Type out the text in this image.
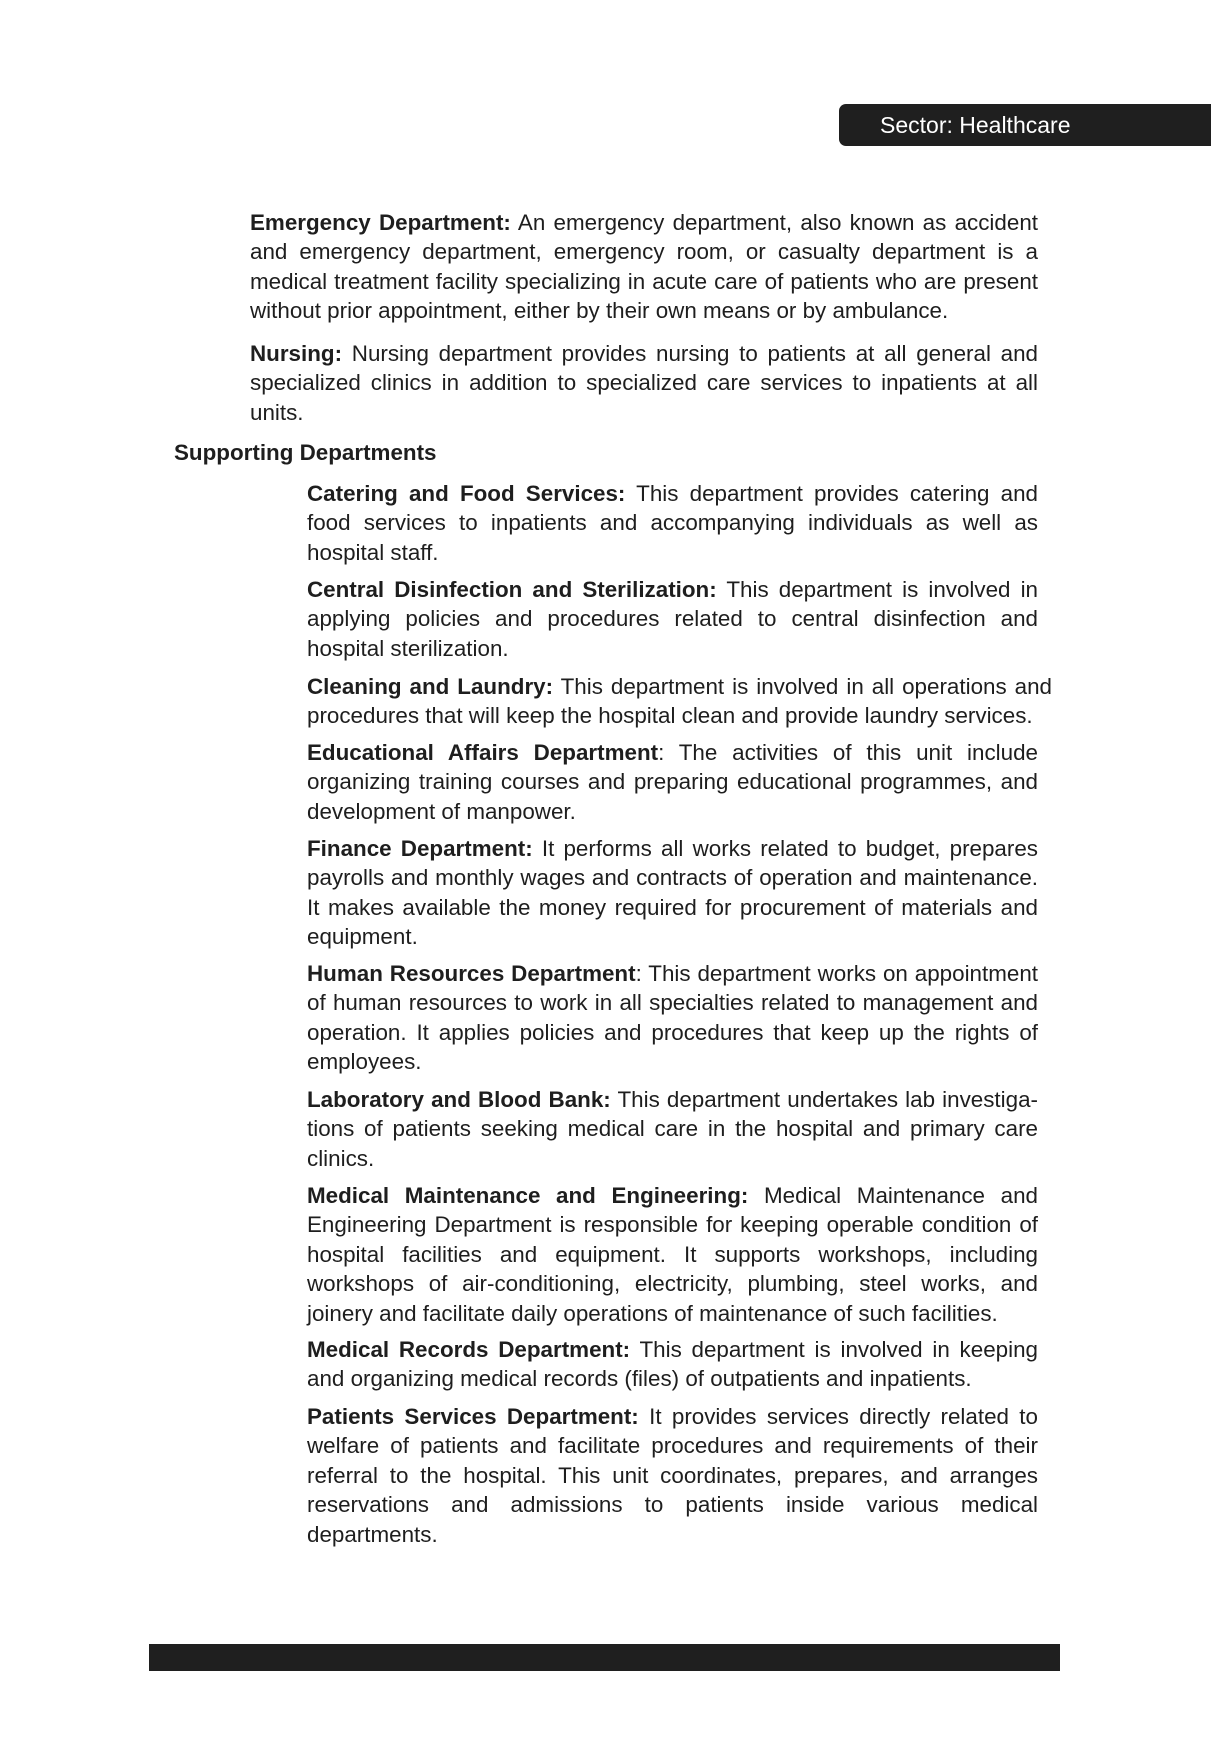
Sector: Healthcare

Emergency Department: An emergency department, also known as accident and emergency department, emergency room, or casualty department is a medical treatment facility specializing in acute care of patients who are present without prior appointment, either by their own means or by ambulance.

Nursing: Nursing department provides nursing to patients at all general and specialized clinics in addition to specialized care services to inpatients at all units.

Supporting Departments

Catering and Food Services: This department provides catering and food services to inpatients and accompanying individuals as well as hospital staff.

Central Disinfection and Sterilization: This department is involved in applying policies and procedures related to central disinfection and hospital sterilization.

Cleaning and Laundry: This department is involved in all operations and procedures that will keep the hospital clean and provide laundry services.

Educational Affairs Department: The activities of this unit include organizing training courses and preparing educational programmes, and development of manpower.

Finance Department: It performs all works related to budget, prepares payrolls and monthly wages and contracts of operation and maintenance. It makes available the money required for procurement of materials and equipment.

Human Resources Department: This department works on appointment of human resources to work in all specialties related to management and operation. It applies policies and procedures that keep up the rights of employees.

Laboratory and Blood Bank: This department undertakes lab investiga-tions of patients seeking medical care in the hospital and primary care clinics.

Medical Maintenance and Engineering: Medical Maintenance and Engineering Department is responsible for keeping operable condition of hospital facilities and equipment. It supports workshops, including workshops of air-conditioning, electricity, plumbing, steel works, and joinery and facilitate daily operations of maintenance of such facilities.

Medical Records Department: This department is involved in keeping and organizing medical records (files) of outpatients and inpatients.

Patients Services Department: It provides services directly related to welfare of patients and facilitate procedures and requirements of their referral to the hospital. This unit coordinates, prepares, and arranges reservations and admissions to patients inside various medical departments.
